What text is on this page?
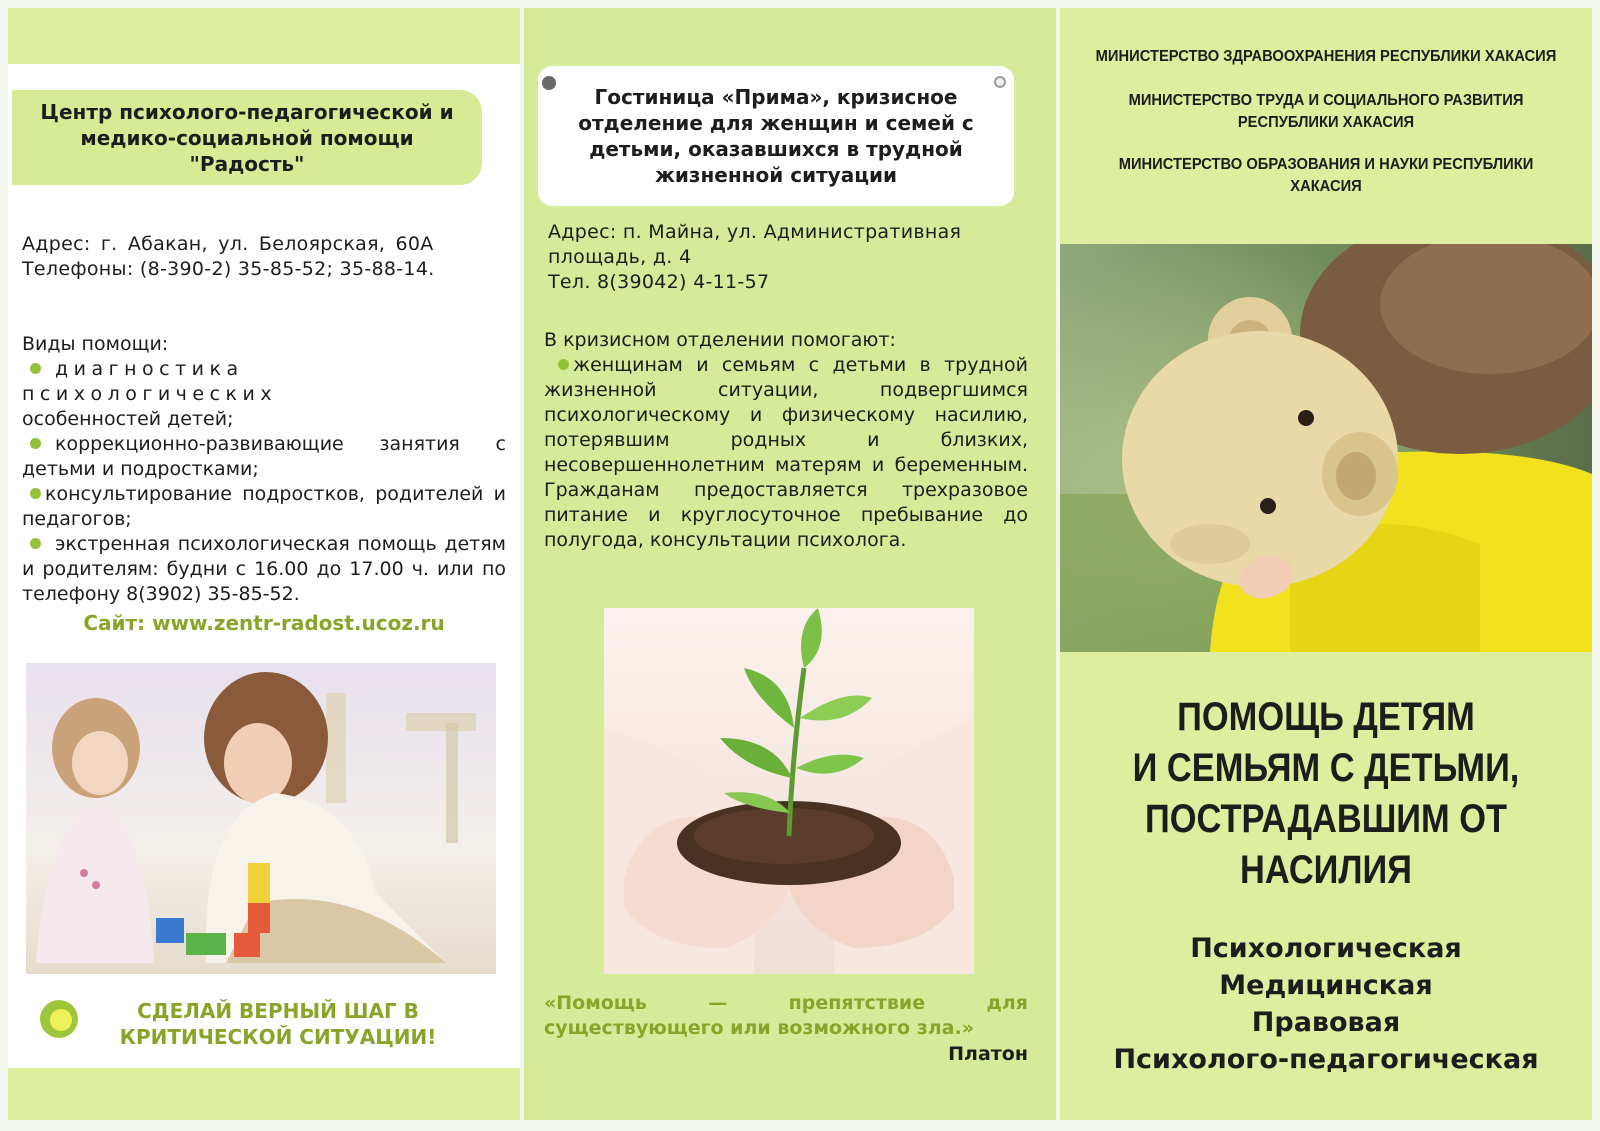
Центр психолого-педагогической и медико-социальной помощи "Радость"
Адрес: г. Абакан, ул. Белоярская, 60А
Телефоны: (8-390-2) 35-85-52; 35-88-14.
Виды помощи:
диагностика психологических
особенностей детей;
коррекционно-развивающие занятия с детьми и подростками;
консультирование подростков, родителей и педагогов;
экстренная психологическая помощь детям и родителям: будни с 16.00 до 17.00 ч. или по телефону 8(3902) 35-85-52.
Сайт: www.zentr-radost.ucoz.ru
СДЕЛАЙ ВЕРНЫЙ ШАГ В
КРИТИЧЕСКОЙ СИТУАЦИИ!
Гостиница «Прима», кризисное отделение для женщин и семей с детьми, оказавшихся в трудной жизненной ситуации
Адрес: п. Майна, ул. Административная
площадь, д. 4
Тел. 8(39042) 4-11-57
В кризисном отделении помогают:
женщинам и семьям с детьми в трудной жизненной ситуации, подвергшимся психологическому и физическому насилию, потерявшим родных и близких, несовершеннолетним матерям и беременным. Гражданам предоставляется трехразовое питание и круглосуточное пребывание до полугода, консультации психолога.
«Помощь — препятствие для существующего или возможного зла.»
Платон
МИНИСТЕРСТВО ЗДРАВООХРАНЕНИЯ РЕСПУБЛИКИ ХАКАСИЯ
МИНИСТЕРСТВО ТРУДА И СОЦИАЛЬНОГО РАЗВИТИЯ
РЕСПУБЛИКИ ХАКАСИЯ
МИНИСТЕРСТВО ОБРАЗОВАНИЯ И НАУКИ РЕСПУБЛИКИ ХАКАСИЯ
ПОМОЩЬ ДЕТЯМ
И СЕМЬЯМ С ДЕТЬМИ,
ПОСТРАДАВШИМ ОТ
НАСИЛИЯ
Психологическая
Медицинская
Правовая
Психолого-педагогическая
